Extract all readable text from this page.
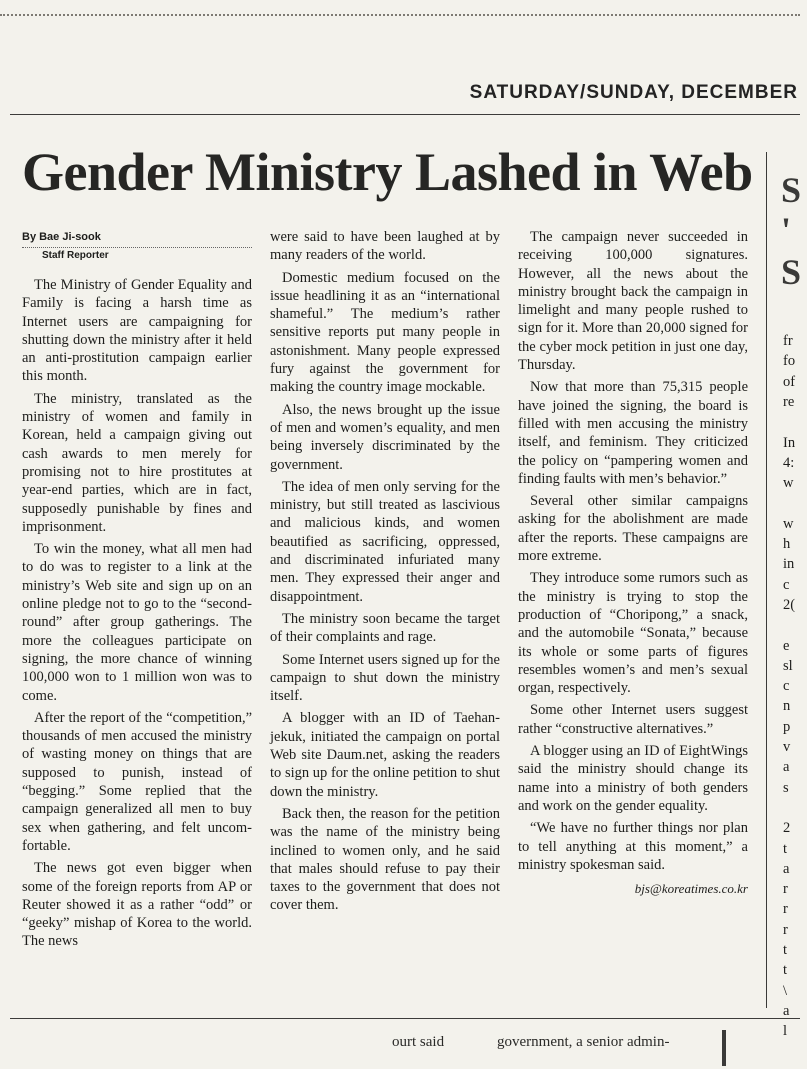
SATURDAY/SUNDAY, DECEMBER
Gender Ministry Lashed in Web
By Bae Ji-sook
Staff Reporter

The Ministry of Gender Equality and Family is facing a harsh time as Internet users are campaigning for shutting down the ministry after it held an anti-prostitution campaign earlier this month.

The ministry, translated as the ministry of women and family in Korean, held a campaign giving out cash awards to men merely for promising not to hire prostitutes at year-end parties, which are in fact, supposedly punishable by fines and imprisonment.

To win the money, what all men had to do was to register to a link at the ministry’s Web site and sign up on an online pledge not to go to the “second-round” after group gatherings. The more the colleagues participate on signing, the more chance of winning 100,000 won to 1 million won was to come.

After the report of the “competition,” thousands of men accused the ministry of wasting money on things that are supposed to punish, instead of “begging.” Some replied that the campaign generalized all men to buy sex when gathering, and felt uncomfortable.

The news got even bigger when some of the foreign reports from AP or Reuter showed it as a rather “odd” or “geeky” mishap of Korea to the world. The news

were said to have been laughed at by many readers of the world.

Domestic medium focused on the issue headlining it as an “international shameful.” The medium’s rather sensitive reports put many people in astonishment. Many people expressed fury against the government for making the country image mockable.

Also, the news brought up the issue of men and women’s equality, and men being inversely discriminated by the government.

The idea of men only serving for the ministry, but still treated as lascivious and malicious kinds, and women beautified as sacrificing, oppressed, and discriminated infuriated many men. They expressed their anger and disappointment.

The ministry soon became the target of their complaints and rage.

Some Internet users signed up for the campaign to shut down the ministry itself.

A blogger with an ID of Taehanjekuk, initiated the campaign on portal Web site Daum.net, asking the readers to sign up for the online petition to shut down the ministry.

Back then, the reason for the petition was the name of the ministry being inclined to women only, and he said that males should refuse to pay their taxes to the government that does not cover them.

The campaign never succeeded in receiving 100,000 signatures. However, all the news about the ministry brought back the campaign in limelight and many people rushed to sign for it. More than 20,000 signed for the cyber mock petition in just one day, Thursday.

Now that more than 75,315 people have joined the signing, the board is filled with men accusing the ministry itself, and feminism. They criticized the policy on “pampering women and finding faults with men’s behavior.”

Several other similar campaigns asking for the abolishment are made after the reports. These campaigns are more extreme.

They introduce some rumors such as the ministry is trying to stop the production of “Choripong,” a snack, and the automobile “Sonata,” because its whole or some parts of figures resembles women’s and men’s sexual organ, respectively.

Some other Internet users suggest rather “constructive alternatives.”

A blogger using an ID of EightWings said the ministry should change its name into a ministry of both genders and work on the gender equality.

“We have no further things nor plan to tell anything at this moment,” a ministry spokesman said.

bjs@koreatimes.co.kr
S
'
S
fr
fo
of
re
In
4:
w
w
h
in
c
2(
e
sl
c
n
p
v
a
s
2
t
a
r
r
r
t
t
\
a
l
ourt said	government, a senior admin-
